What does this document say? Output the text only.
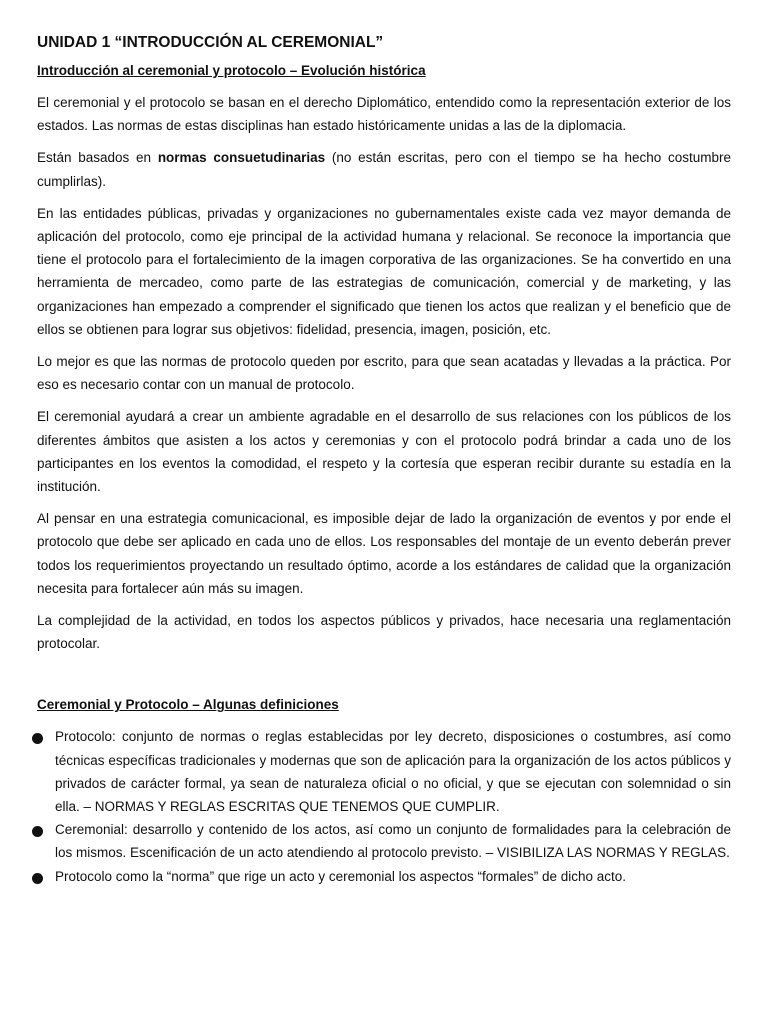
UNIDAD 1 “INTRODUCCIÓN AL CEREMONIAL”
Introducción al ceremonial y protocolo – Evolución histórica

El ceremonial y el protocolo se basan en el derecho Diplomático, entendido como la representación exterior de los estados. Las normas de estas disciplinas han estado históricamente unidas a las de la diplomacia.

Están basados en normas consuetudinarias (no están escritas, pero con el tiempo se ha hecho costumbre cumplirlas).

En las entidades públicas, privadas y organizaciones no gubernamentales existe cada vez mayor demanda de aplicación del protocolo, como eje principal de la actividad humana y relacional. Se reconoce la importancia que tiene el protocolo para el fortalecimiento de la imagen corporativa de las organizaciones. Se ha convertido en una herramienta de mercadeo, como parte de las estrategias de comunicación, comercial y de marketing, y las organizaciones han empezado a comprender el significado que tienen los actos que realizan y el beneficio que de ellos se obtienen para lograr sus objetivos: fidelidad, presencia, imagen, posición, etc.

Lo mejor es que las normas de protocolo queden por escrito, para que sean acatadas y llevadas a la práctica. Por eso es necesario contar con un manual de protocolo.

El ceremonial ayudará a crear un ambiente agradable en el desarrollo de sus relaciones con los públicos de los diferentes ámbitos que asisten a los actos y ceremonias y con el protocolo podrá brindar a cada uno de los participantes en los eventos la comodidad, el respeto y la cortesía que esperan recibir durante su estadía en la institución.

Al pensar en una estrategia comunicacional, es imposible dejar de lado la organización de eventos y por ende el protocolo que debe ser aplicado en cada uno de ellos. Los responsables del montaje de un evento deberán prever todos los requerimientos proyectando un resultado óptimo, acorde a los estándares de calidad que la organización necesita para fortalecer aún más su imagen.

La complejidad de la actividad, en todos los aspectos públicos y privados, hace necesaria una reglamentación protocolar.

Ceremonial y Protocolo – Algunas definiciones
Protocolo: conjunto de normas o reglas establecidas por ley decreto, disposiciones o costumbres, así como técnicas específicas tradicionales y modernas que son de aplicación para la organización de los actos públicos y privados de carácter formal, ya sean de naturaleza oficial o no oficial, y que se ejecutan con solemnidad o sin ella. – NORMAS Y REGLAS ESCRITAS QUE TENEMOS QUE CUMPLIR.
Ceremonial: desarrollo y contenido de los actos, así como un conjunto de formalidades para la celebración de los mismos. Escenificación de un acto atendiendo al protocolo previsto. – VISIBILIZA LAS NORMAS Y REGLAS.
Protocolo como la “norma” que rige un acto y ceremonial los aspectos “formales” de dicho acto.
